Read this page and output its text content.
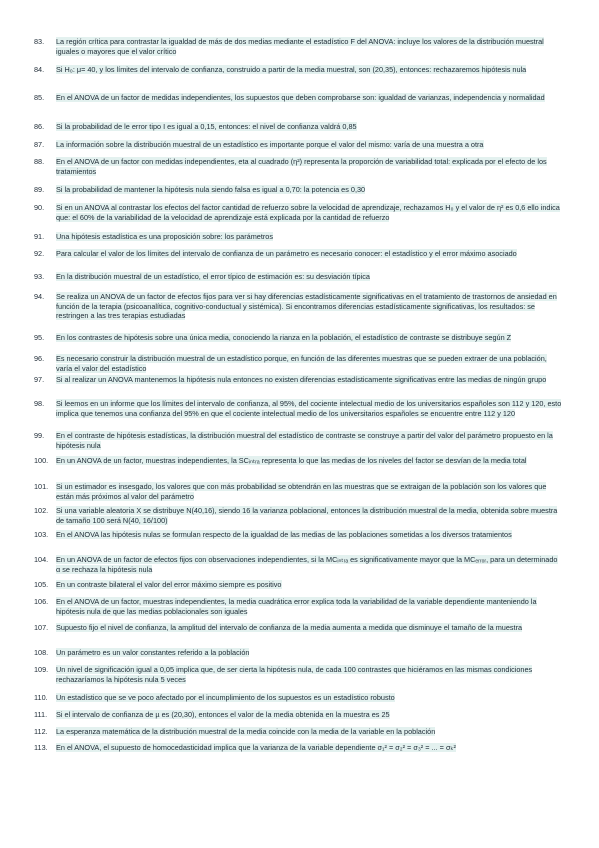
83.	La región crítica para contrastar la igualdad de más de dos medias mediante el estadístico F del ANOVA: incluye los valores de la distribución muestral iguales o mayores que el valor crítico
84.	Si H₀: μ= 40, y los límites del intervalo de confianza, construido a partir de la media muestral, son (20,35), entonces: rechazaremos hipótesis nula
85.	En el ANOVA de un factor de medidas independientes, los supuestos que deben comprobarse son: igualdad de varianzas, independencia y normalidad
86.	Si la probabilidad de le error tipo I es igual a 0,15, entonces: el nivel de confianza valdrá 0,85
87.	La información sobre la distribución muestral de un estadístico es importante porque el valor del mismo: varía de una muestra a otra
88.	En el ANOVA de un factor con medidas independientes, eta al cuadrado (η²) representa la proporción de variabilidad total: explicada por el efecto de los tratamientos
89.	Si la probabilidad de mantener la hipótesis nula siendo falsa es igual a 0,70: la potencia es 0,30
90.	Si en un ANOVA al contrastar los efectos del factor cantidad de refuerzo sobre la velocidad de aprendizaje, rechazamos H₀ y el valor de η² es 0,6 ello indica que: el 60% de la variabilidad de la velocidad de aprendizaje está explicada por la cantidad de refuerzo
91.	Una hipótesis estadística es una proposición sobre: los parámetros
92.	Para calcular el valor de los límites del intervalo de confianza de un parámetro es necesario conocer: el estadístico y el error máximo asociado
93.	En la distribución muestral de un estadístico, el error típico de estimación es: su desviación típica
94.	Se realiza un ANOVA de un factor de efectos fijos para ver si hay diferencias estadísticamente significativas en el tratamiento de trastornos de ansiedad en función de la terapia (psicoanalítica, cognitivo-conductual y sistémica). Si encontramos diferencias estadísticamente significativas, los resultados: se restringen a las tres terapias estudiadas
95.	En los contrastes de hipótesis sobre una única media, conociendo la rianza en la población, el estadístico de contraste se distribuye según Z
96.	Es necesario construir la distribución muestral de un estadístico porque, en función de las diferentes muestras que se pueden extraer de una población, varía el valor del estadístico
97.	Si al realizar un ANOVA mantenemos la hipótesis nula entonces no existen diferencias estadísticamente significativas entre las medias de ningún grupo
98.	Si leemos en un informe que los límites del intervalo de confianza, al 95%, del cociente intelectual medio de los universitarios españoles son 112 y 120, esto implica que tenemos una confianza del 95% en que el cociente intelectual medio de los universitarios españoles se encuentre entre 112 y 120
99.	En el contraste de hipótesis estadísticas, la distribución muestral del estadístico de contraste se construye a partir del valor del parámetro propuesto en la hipótesis nula
100.	En un ANOVA de un factor, muestras independientes, la SCᵢₙₜᵣₐ representa lo que las medias de los niveles del factor se desvían de la media total
101.	Si un estimador es insesgado, los valores que con más probabilidad se obtendrán en las muestras que se extraigan de la población son los valores que están más próximos al valor del parámetro
102.	Si una variable aleatoria X se distribuye N(40,16), siendo 16 la varianza poblacional, entonces la distribución muestral de la media, obtenida sobre muestra de tamaño 100 será N(40, 16/100)
103.	En el ANOVA las hipótesis nulas se formulan respecto de la igualdad de las medias de las poblaciones sometidas a los diversos tratamientos
104.	En un ANOVA de un factor de efectos fijos con observaciones independientes, si la MCᵢₙₜᵣₐ es significativamente mayor que la MCₑᵣᵣₒᵣ, para un determinado α se rechaza la hipótesis nula
105.	En un contraste bilateral el valor del error máximo siempre es positivo
106.	En el ANOVA de un factor, muestras independientes, la media cuadrática error explica toda la variabilidad de la variable dependiente manteniendo la hipótesis nula de que las medias poblacionales son iguales
107.	Supuesto fijo el nivel de confianza, la amplitud del intervalo de confianza de la media aumenta a medida que disminuye el tamaño de la muestra
108.	Un parámetro es un valor constantes referido a la población
109.	Un nivel de significación igual a 0,05 implica que, de ser cierta la hipótesis nula, de cada 100 contrastes que hiciéramos en las mismas condiciones rechazaríamos la hipótesis nula 5 veces
110.	Un estadístico que se ve poco afectado por el incumplimiento de los supuestos es un estadístico robusto
111.	Si el intervalo de confianza de µ es (20,30), entonces el valor de la media obtenida en la muestra es 25
112.	La esperanza matemática de la distribución muestral de la media coincide con la media de la variable en la población
113.	En el ANOVA, el supuesto de homocedasticidad implica que la varianza de la variable dependiente σ₁² = σ₂² = σ₃² = ... = σₖ²
